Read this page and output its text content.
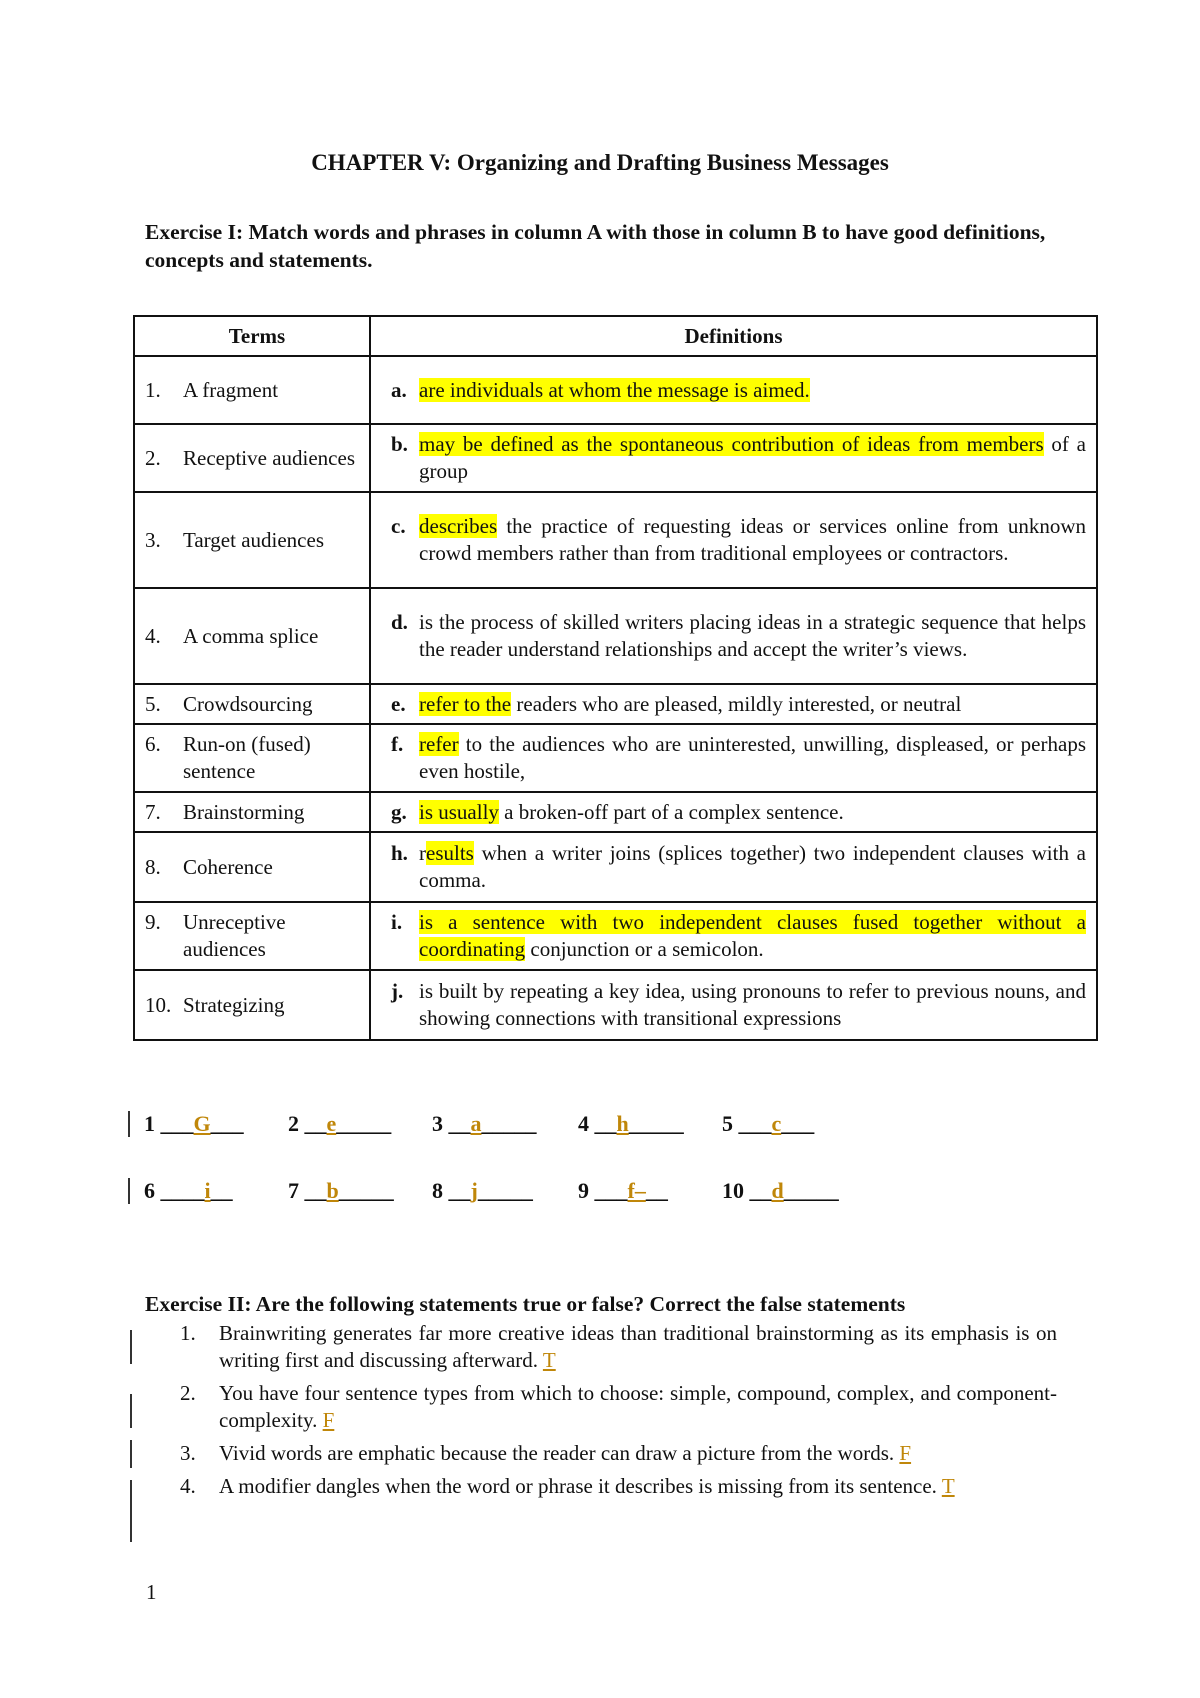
CHAPTER V: Organizing and Drafting Business Messages
Exercise I: Match words and phrases in column A with those in column B to have good definitions, concepts and statements.
Terms	Definitions

1. A fragment	a. are individuals at whom the message is aimed.

2. Receptive audiences	b. may be defined as the spontaneous contribution of ideas from members of a group

3. Target audiences	c. describes the practice of requesting ideas or services online from unknown crowd members rather than from traditional employees or contractors.

4. A comma splice	d. is the process of skilled writers placing ideas in a strategic sequence that helps the reader understand relationships and accept the writer’s views.

5. Crowdsourcing	e. refer to the readers who are pleased, mildly interested, or neutral

6. Run-on (fused) sentence	f. refer to the audiences who are uninterested, unwilling, displeased, or perhaps even hostile,

7. Brainstorming	g. is usually a broken-off part of a complex sentence.

8. Coherence	h. results when a writer joins (splices together) two independent clauses with a comma.

9. Unreceptive audiences	i. is a sentence with two independent clauses fused together without a coordinating conjunction or a semicolon.

10. Strategizing	j. is built by repeating a key idea, using pronouns to refer to previous nouns, and showing connections with transitional expressions
1 ___G___ 2 __e_____ 3 __a_____ 4 __h_____ 5 ___c___
6 ____i__	7 __b_____ 8 __j_____ 9 ___f–__ 10 __d_____
Exercise II: Are the following statements true or false? Correct the false statements
1.	Brainwriting generates far more creative ideas than traditional brainstorming as its emphasis is on writing first and discussing afterward. T
2.	You have four sentence types from which to choose: simple, compound, complex, and component-complexity. F
3.	Vivid words are emphatic because the reader can draw a picture from the words. F
4.	A modifier dangles when the word or phrase it describes is missing from its sentence. T
1
